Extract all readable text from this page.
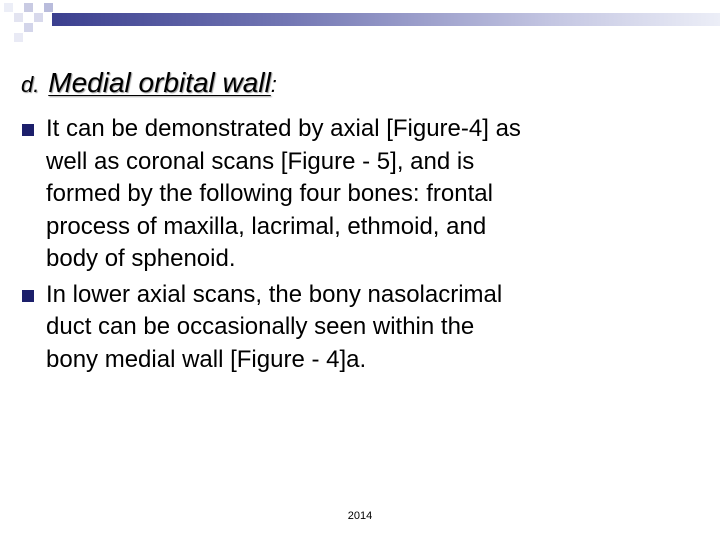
d. Medial orbital wall:
It can be demonstrated by axial [Figure-4] as
well as coronal scans [Figure - 5], and is
formed by the following four bones: frontal
process of maxilla, lacrimal, ethmoid, and
body of sphenoid.
In lower axial scans, the bony nasolacrimal
duct can be occasionally seen within the
bony medial wall [Figure - 4]a.
2014
